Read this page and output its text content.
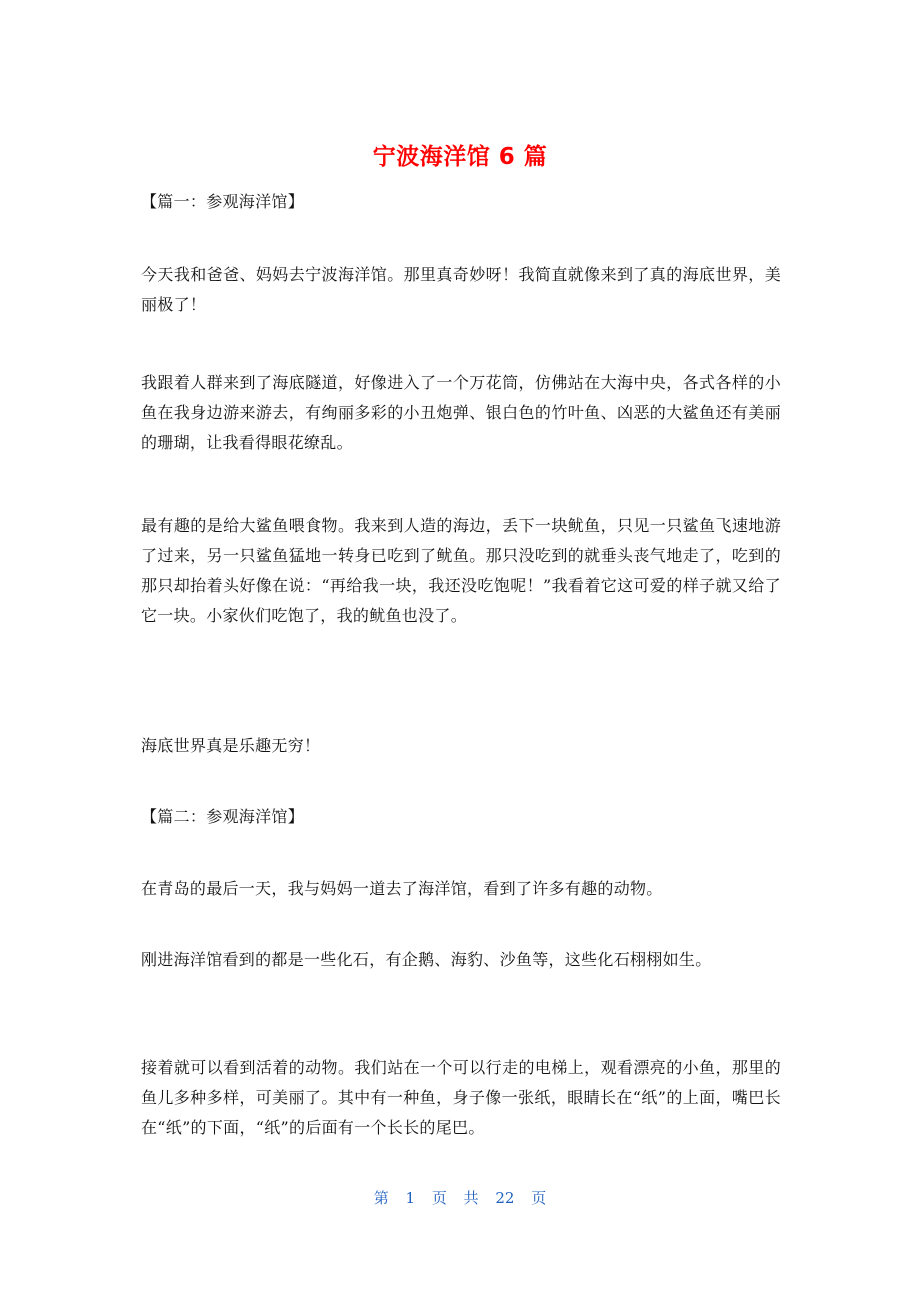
宁波海洋馆 6 篇

【篇一：参观海洋馆】

今天我和爸爸、妈妈去宁波海洋馆。那里真奇妙呀！我简直就像来到了真的海底世界，美丽极了！

我跟着人群来到了海底隧道，好像进入了一个万花筒，仿佛站在大海中央，各式各样的小鱼在我身边游来游去，有绚丽多彩的小丑炮弹、银白色的竹叶鱼、凶恶的大鲨鱼还有美丽的珊瑚，让我看得眼花缭乱。

最有趣的是给大鲨鱼喂食物。我来到人造的海边，丢下一块鱿鱼，只见一只鲨鱼飞速地游了过来，另一只鲨鱼猛地一转身已吃到了鱿鱼。那只没吃到的就垂头丧气地走了，吃到的那只却抬着头好像在说：“再给我一块，我还没吃饱呢！”我看着它这可爱的样子就又给了它一块。小家伙们吃饱了，我的鱿鱼也没了。

海底世界真是乐趣无穷！

【篇二：参观海洋馆】

在青岛的最后一天，我与妈妈一道去了海洋馆，看到了许多有趣的动物。

刚进海洋馆看到的都是一些化石，有企鹅、海豹、沙鱼等，这些化石栩栩如生。

接着就可以看到活着的动物。我们站在一个可以行走的电梯上，观看漂亮的小鱼，那里的鱼儿多种多样，可美丽了。其中有一种鱼，身子像一张纸，眼睛长在“纸”的上面，嘴巴长在“纸”的下面，“纸”的后面有一个长长的尾巴。

第 1 页 共 22 页
